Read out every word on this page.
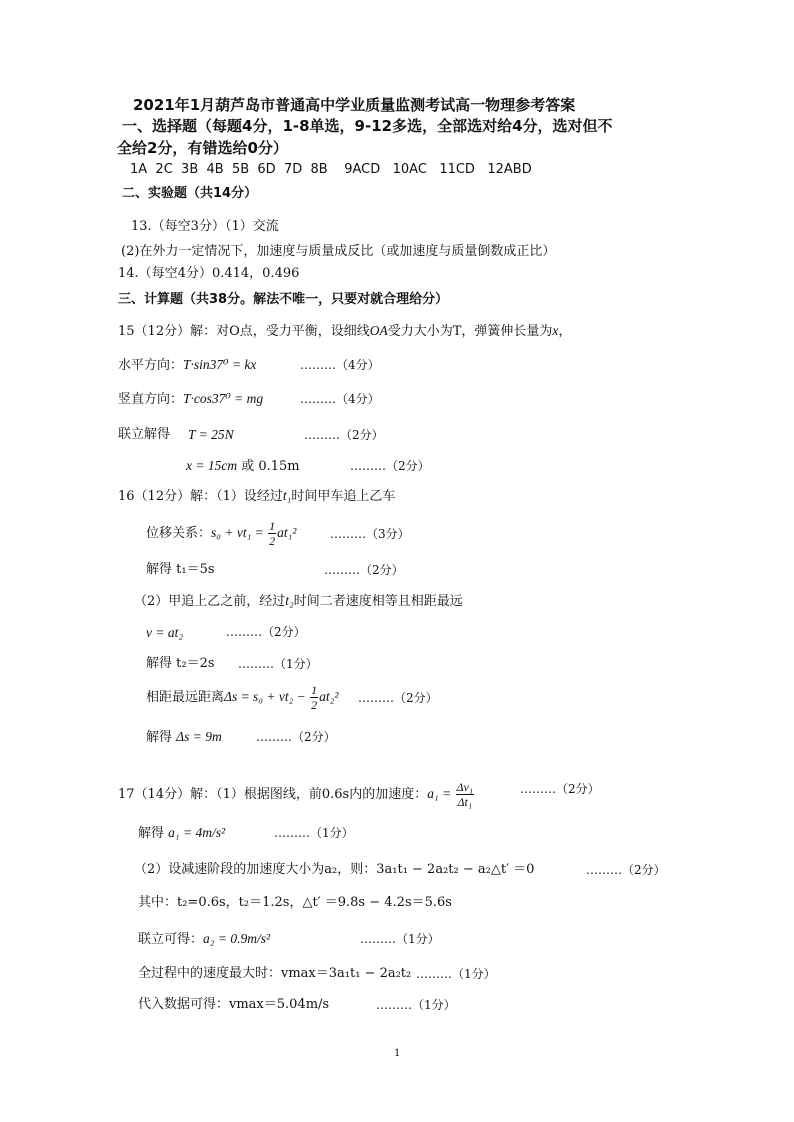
2021年1月葫芦岛市普通高中学业质量监测考试高一物理参考答案
一、选择题（每题4分，1-8单选，9-12多选，全部选对给4分，选对但不
全给2分，有错选给0分）
1A  2C  3B  4B  5B  6D  7D  8B    9ACD   10AC   11CD   12ABD
二、实验题（共14分）
13.（每空3分）（1）交流
(2)在外力一定情况下，加速度与质量成反比（或加速度与质量倒数成正比）
14.（每空4分）0.414，0.496
三、计算题（共38分。解法不唯一，只要对就合理给分）
15（12分）解：对O点，受力平衡，设细线OA受力大小为T，弹簧伸长量为x，
水平方向：T·sin37⁰ = kx	………（4分）
竖直方向：T·cos37⁰ = mg	………（4分）
联立解得 T = 25N	………（2分）
x = 15cm 或 0.15m	………（2分）
16（12分）解：（1）设经过t₁时间甲车追上乙车
位移关系：$s_0 + vt_1 = \frac{1}{2} at_1^2$	………（3分）
解得 t₁＝5s	………（2分）
（2）甲追上乙之前，经过t₂时间二者速度相等且相距最远
v = at₂	………（2分）
解得 t₂＝2s ………（1分）
相距最远距离$\Delta s = s_0 + vt_2 - \frac{1}{2} at_2^2$ ………（2分）
解得 Δs = 9m	………（2分）
17（14分）解：（1）根据图线，前0.6s内的加速度：$a_1 = \frac{\text{Δv₁}}{\text{Δt₁}}$	………（2分）
解得 a₁ = 4m/s²	………（1分）
（2）设减速阶段的加速度大小为a₂，则：3a₁t₁ − 2a₂t₂ − a₂△t′ ＝0	………（2分）
其中：t₂=0.6s，t₂＝1.2s，△t′ ＝9.8s − 4.2s＝5.6s
联立可得：a₂ = 0.9m/s²	………（1分）
全过程中的速度最大时：vmax＝3a₁t₁ − 2a₂t₂ ………（1分）
代入数据可得：vmax＝5.04m/s	………（1分）
1
